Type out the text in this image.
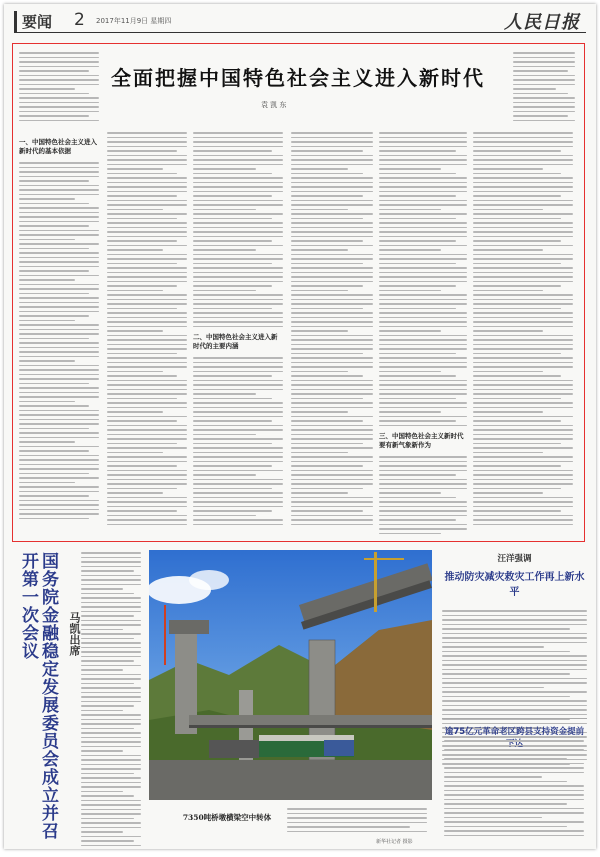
要闻 2 2017年11月9日 星期四	人民日报
全面把握中国特色社会主义进入新时代
袁 凯 东
一、中国特色社会主义进入新时代的基本依据
二、中国特色社会主义进入新时代的主要内涵
三、中国特色社会主义新时代要有新气象新作为
国务院金融稳定发展委员会成立并召开第一次会议	马凯出席
7350吨桥墩横梁空中转体
新华社记者 摄影
汪洋强调
推动防灾减灾救灾工作再上新水平
逾75亿元革命老区跨县支持资金提前
